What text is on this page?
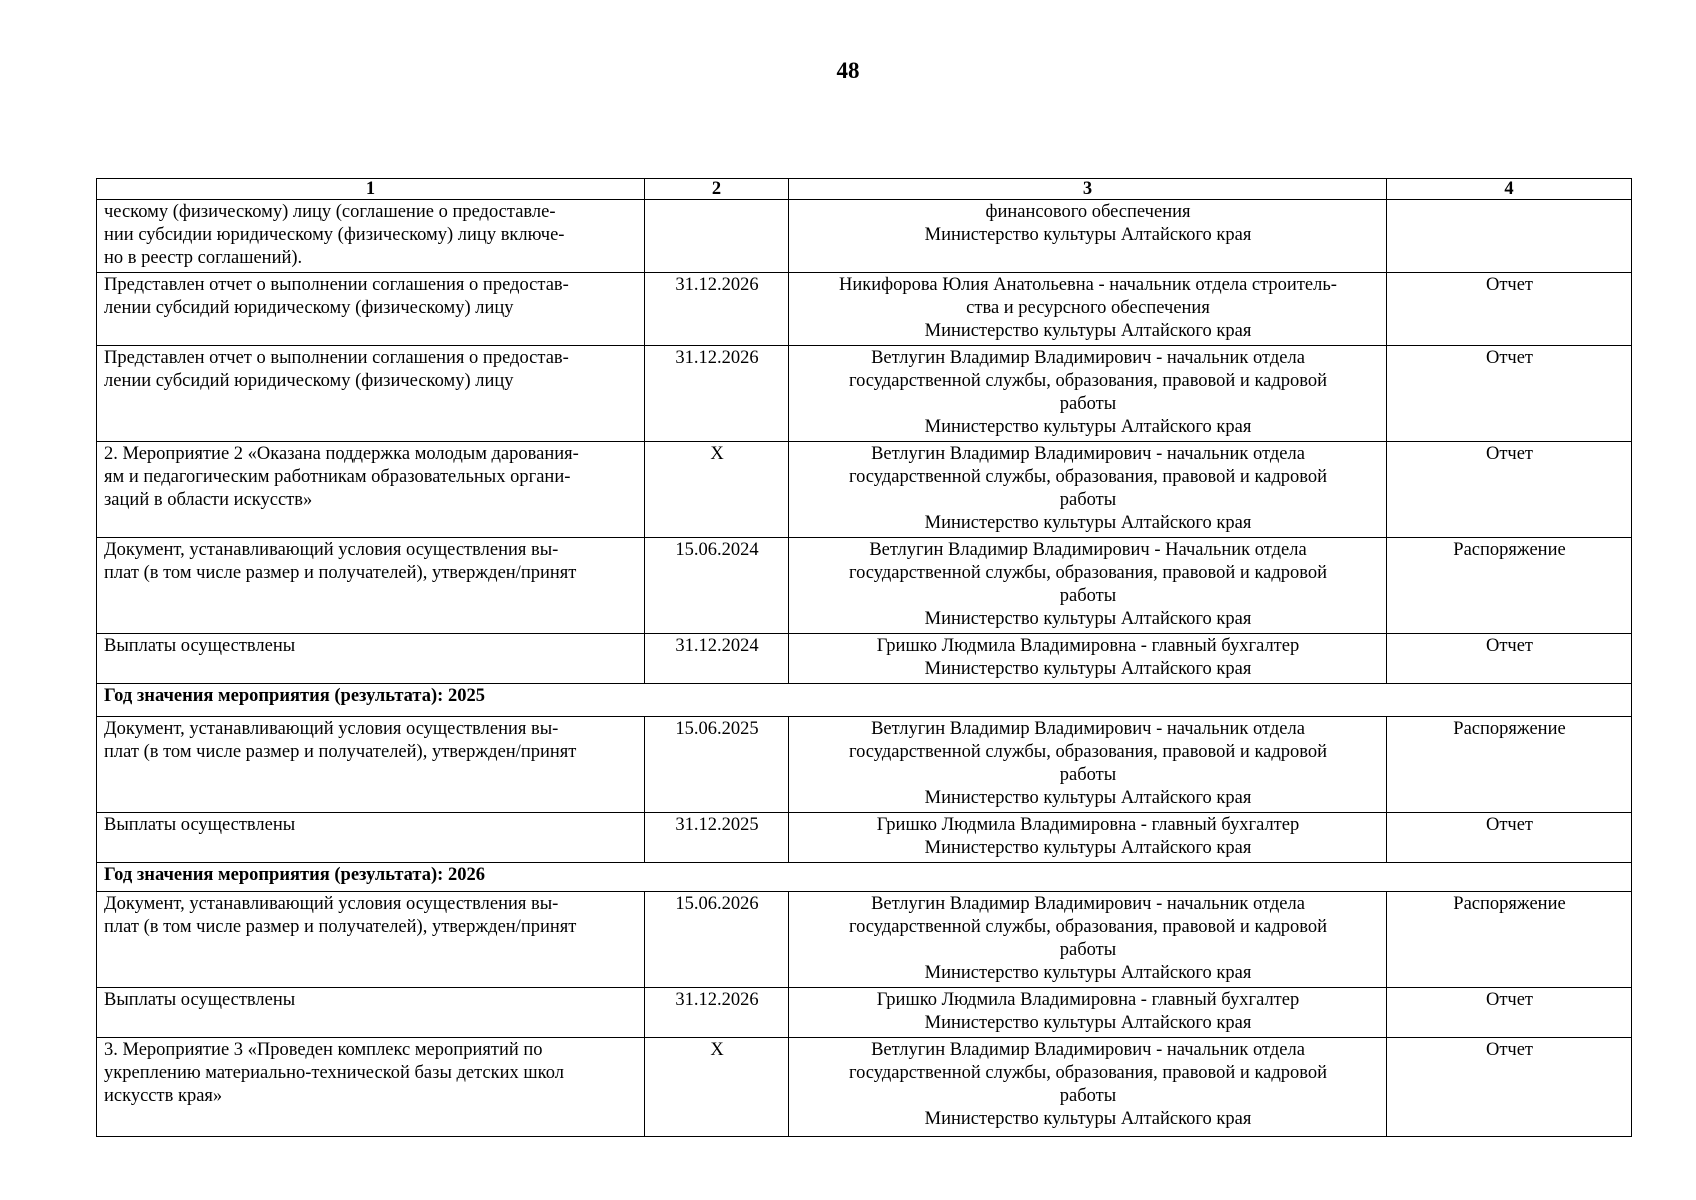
48
1	2	3	4

ческому (физическому) лицу (соглашение о предоставле-
нии субсидии юридическому (физическому) лицу включе-
но в реестр соглашений).		финансового обеспечения
Министерство культуры Алтайского края	

Представлен отчет о выполнении соглашения о предостав-
лении субсидий юридическому (физическому) лицу	31.12.2026	Никифорова Юлия Анатольевна - начальник отдела строитель-
ства и ресурсного обеспечения
Министерство культуры Алтайского края	Отчет

Представлен отчет о выполнении соглашения о предостав-
лении субсидий юридическому (физическому) лицу	31.12.2026	Ветлугин Владимир Владимирович - начальник отдела
государственной службы, образования, правовой и кадровой
работы
Министерство культуры Алтайского края	Отчет

2. Мероприятие 2 «Оказана поддержка молодым дарования-
ям и педагогическим работникам образовательных органи-
заций в области искусств»	X	Ветлугин Владимир Владимирович - начальник отдела
государственной службы, образования, правовой и кадровой
работы
Министерство культуры Алтайского края	Отчет

Документ, устанавливающий условия осуществления вы-
плат (в том числе размер и получателей), утвержден/принят	15.06.2024	Ветлугин Владимир Владимирович - Начальник отдела
государственной службы, образования, правовой и кадровой
работы
Министерство культуры Алтайского края	Распоряжение

Выплаты осуществлены	31.12.2024	Гришко Людмила Владимировна - главный бухгалтер
Министерство культуры Алтайского края	Отчет

Год значения мероприятия (результата): 2025			

Документ, устанавливающий условия осуществления вы-
плат (в том числе размер и получателей), утвержден/принят	15.06.2025	Ветлугин Владимир Владимирович - начальник отдела
государственной службы, образования, правовой и кадровой
работы
Министерство культуры Алтайского края	Распоряжение

Выплаты осуществлены	31.12.2025	Гришко Людмила Владимировна - главный бухгалтер
Министерство культуры Алтайского края	Отчет

Год значения мероприятия (результата): 2026			

Документ, устанавливающий условия осуществления вы-
плат (в том числе размер и получателей), утвержден/принят	15.06.2026	Ветлугин Владимир Владимирович - начальник отдела
государственной службы, образования, правовой и кадровой
работы
Министерство культуры Алтайского края	Распоряжение

Выплаты осуществлены	31.12.2026	Гришко Людмила Владимировна - главный бухгалтер
Министерство культуры Алтайского края	Отчет

3. Мероприятие 3 «Проведен комплекс мероприятий по
укреплению материально-технической базы детских школ
искусств края»	X	Ветлугин Владимир Владимирович - начальник отдела
государственной службы, образования, правовой и кадровой
работы
Министерство культуры Алтайского края	Отчет
